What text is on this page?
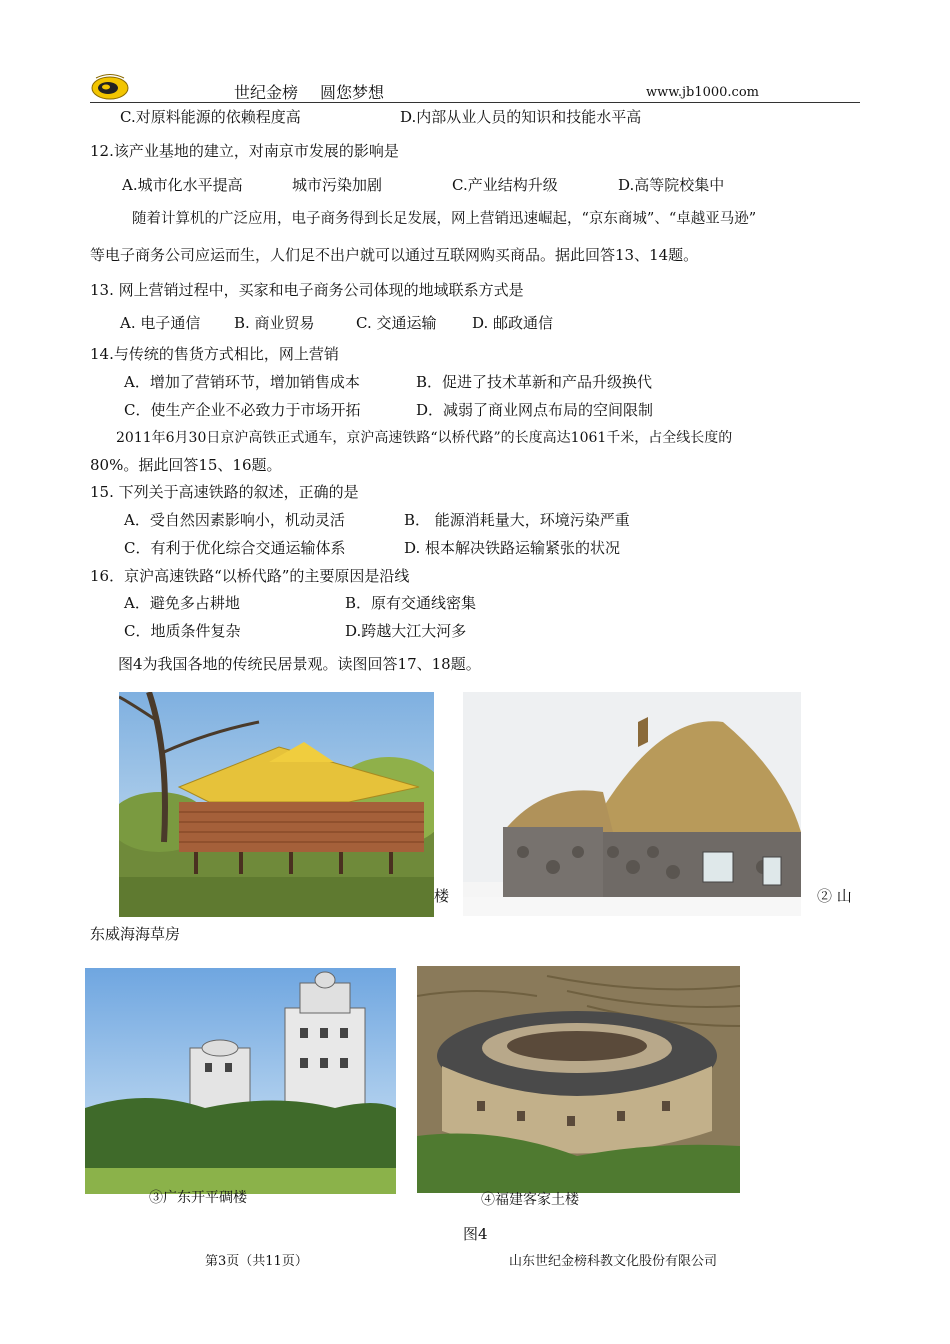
世纪金榜 圆您梦想	www.jb1000.com
C.对原料能源的依赖程度高	D.内部从业人员的知识和技能水平高
12.该产业基地的建立，对南京市发展的影响是
A.城市化水平提高	城市污染加剧	C.产业结构升级	D.高等院校集中
随着计算机的广泛应用，电子商务得到长足发展，网上营销迅速崛起，“京东商城”、“卓越亚马逊”
等电子商务公司应运而生，人们足不出户就可以通过互联网购买商品。据此回答13、14题。
13. 网上营销过程中，买家和电子商务公司体现的地域联系方式是
A. 电子通信 B. 商业贸易	C. 交通运输 D. 邮政通信
14.与传统的售货方式相比，网上营销
A．增加了营销环节，增加销售成本	B．促进了技术革新和产品升级换代
C．使生产企业不必致力于市场开拓	D．减弱了商业网点布局的空间限制
2011年6月30日京沪高铁正式通车，京沪高速铁路“以桥代路”的长度高达1061千米，占全线长度的
80%。据此回答15、16题。
15. 下列关于高速铁路的叙述，正确的是
A．受自然因素影响小，机动灵活	B． 能源消耗量大，环境污染严重
C．有利于优化综合交通运输体系	D. 根本解决铁路运输紧张的状况
16．京沪高速铁路“以桥代路”的主要原因是沿线
A．避免多占耕地	B．原有交通线密集
C．地质条件复杂	D.跨越大江大河多
图4为我国各地的传统民居景观。读图回答17、18题。
楼	② 山
东威海海草房
③广东开平碉楼	④福建客家土楼
图4
第3页（共11页）	山东世纪金榜科教文化股份有限公司
